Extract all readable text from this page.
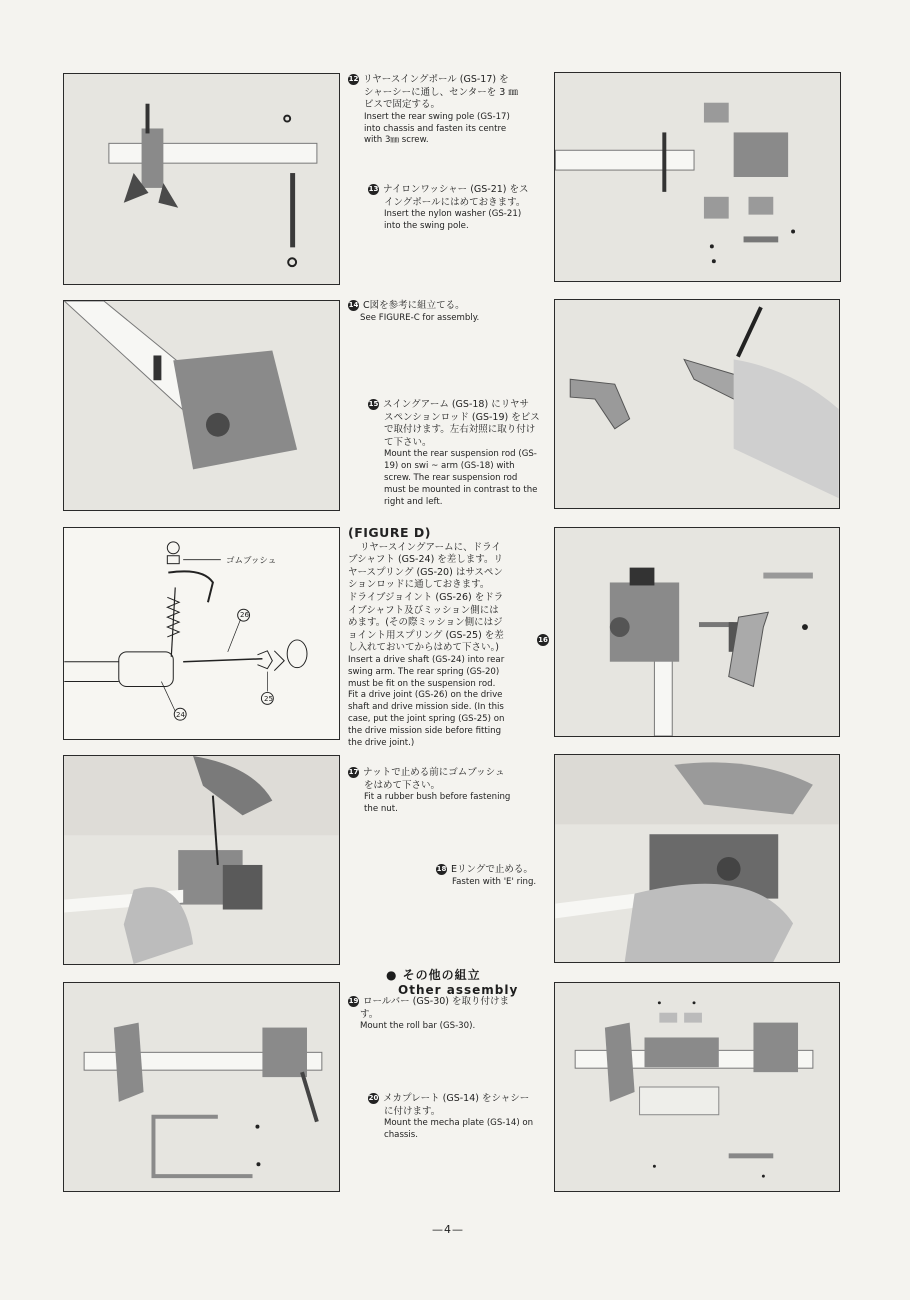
12 リヤースイングポール (GS-17) を
シャーシーに通し、センターを 3 ㎜
ビスで固定する。
Insert the rear swing pole (GS-17)
into chassis and fasten its centre
with 3㎜ screw.
13 ナイロンワッシャー (GS-21) をス
イングポールにはめておきます。
Insert the nylon washer (GS-21)
into the swing pole.
14 C図を参考に組立てる。
See FIGURE-C for assembly.
15 スイングアーム (GS-18) にリヤサ
スペンションロッド (GS-19) をビス
で取付けます。左右対照に取り付け
て下さい。
Mount the rear suspension rod (GS-
19) on swi ~ arm (GS-18) with
screw. The rear suspension rod
must be mounted in contrast to the
right and left.
ゴムブッシュ
26
25
24
(FIGURE D)
リヤースイングアームに、ドライ
ブシャフト (GS-24) を差します。リ
ヤースプリング (GS-20) はサスペン
ションロッドに通しておきます。
ドライブジョイント (GS-26) をドラ
イブシャフト及びミッション側には
めます。(その際ミッション側にはジ
ョイント用スプリング (GS-25) を差
し入れておいてからはめて下さい。)
Insert a drive shaft (GS-24) into rear
swing arm. The rear spring (GS-20)
must be fit on the suspension rod.
Fit a drive joint (GS-26) on the drive
shaft and drive mission side. (In this
case, put the joint spring (GS-25) on
the drive mission side before fitting
the drive joint.)
16
17 ナットで止める前にゴムブッシュ
をはめて下さい。
Fit a rubber bush before fastening
the nut.
18 Eリングで止める。
Fasten with 'E' ring.
● その他の組立
Other assembly
19 ロールバー (GS-30) を取り付けま
す。
Mount the roll bar (GS-30).
20 メカプレート (GS-14) をシャシー
に付けます。
Mount the mecha plate (GS-14) on
chassis.
—4—
